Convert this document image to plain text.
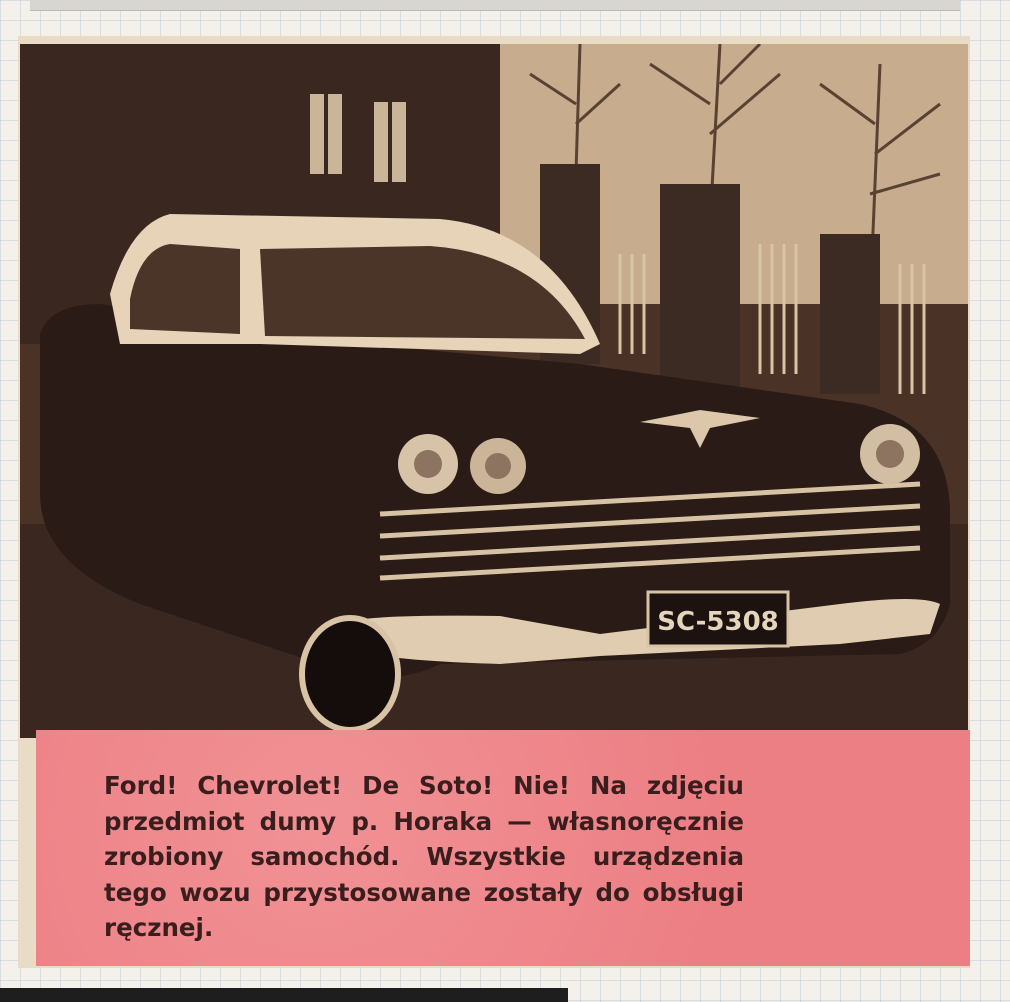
SC-5308

Ford! Chevrolet! De Soto! Nie! Na zdjęciu przedmiot dumy p. Horaka — własnoręcznie zrobiony samochód. Wszystkie urządzenia tego wozu przystosowane zostały do obsługi ręcznej.
